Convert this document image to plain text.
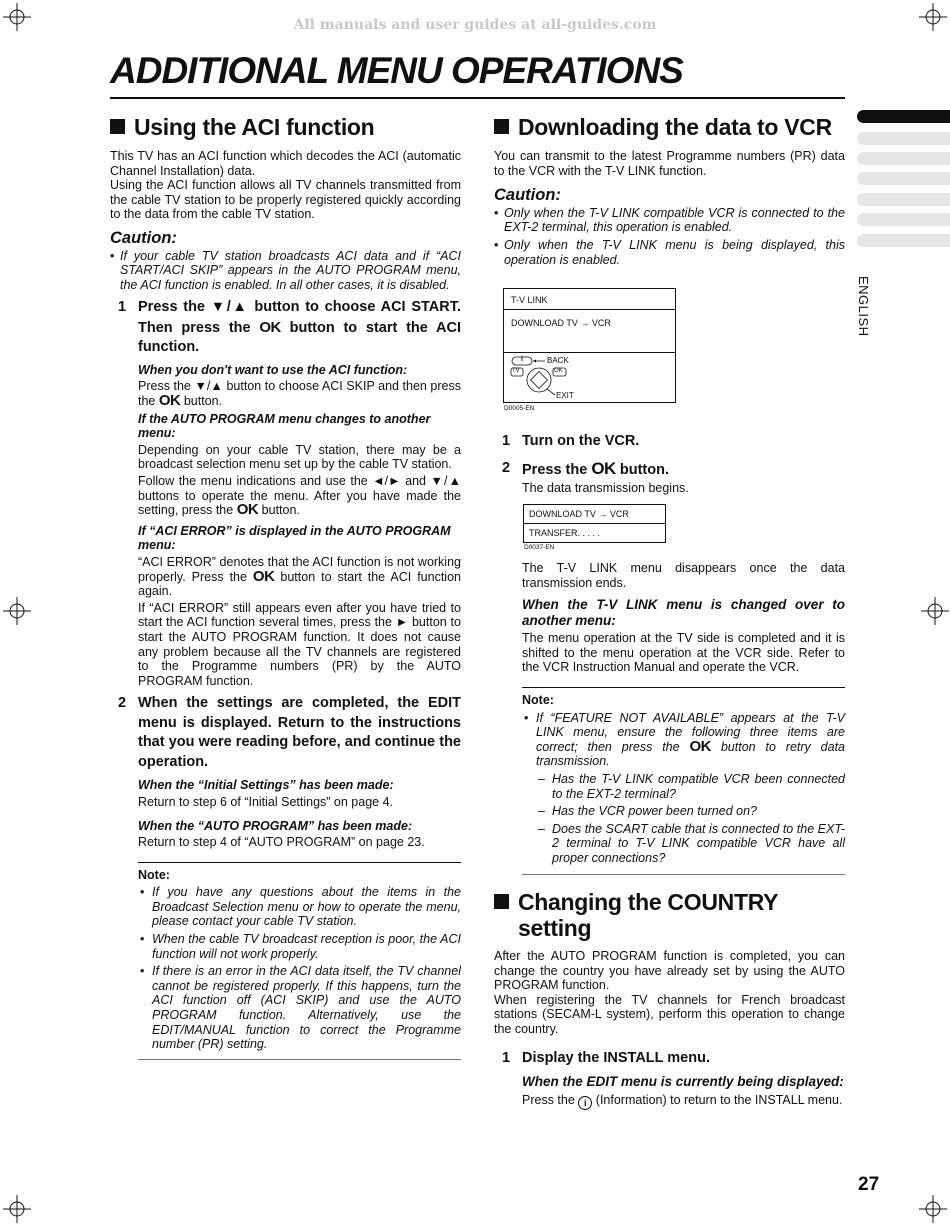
All manuals and user guides at all-guides.com
ADDITIONAL MENU OPERATIONS
ENGLISH
Using the ACI function

This TV has an ACI function which decodes the ACI (automatic Channel Installation) data.

Using the ACI function allows all TV channels transmitted from the cable TV station to be properly registered quickly according to the data from the cable TV station.

Caution:
• If your cable TV station broadcasts ACI data and if “ACI START/ACI SKIP” appears in the AUTO PROGRAM menu, the ACI function is enabled. In all other cases, it is disabled.
1 Press the ▼/▲ button to choose ACI START. Then press the OK button to start the ACI function.
When you don't want to use the ACI function:

Press the ▼/▲ button to choose ACI SKIP and then press the OK button.

If the AUTO PROGRAM menu changes to another menu:

Depending on your cable TV station, there may be a broadcast selection menu set up by the cable TV station.

Follow the menu indications and use the ◄/► and ▼/▲ buttons to operate the menu. After you have made the setting, press the OK button.

If “ACI ERROR” is displayed in the AUTO PROGRAM menu:

“ACI ERROR” denotes that the ACI function is not working properly. Press the OK button to start the ACI function again.

If “ACI ERROR” still appears even after you have tried to start the ACI function several times, press the ► button to start the AUTO PROGRAM function. It does not cause any problem because all the TV channels are registered to the Programme numbers (PR) by the AUTO PROGRAM function.

2 When the settings are completed, the EDIT menu is displayed. Return to the instructions that you were reading before, and continue the operation.
When the “Initial Settings” has been made:

Return to step 6 of “Initial Settings” on page 4.

When the “AUTO PROGRAM” has been made:

Return to step 4 of “AUTO PROGRAM” on page 23.

Note:
• If you have any questions about the items in the Broadcast Selection menu or how to operate the menu, please contact your cable TV station.
• When the cable TV broadcast reception is poor, the ACI function will not work properly.
• If there is an error in the ACI data itself, the TV channel cannot be registered properly. If this happens, turn the ACI function off (ACI SKIP) and use the AUTO PROGRAM function. Alternatively, use the EDIT/MANUAL function to correct the Programme number (PR) setting.
Downloading the data to VCR

You can transmit to the latest Programme numbers (PR) data to the VCR with the T-V LINK function.

Caution:
• Only when the T-V LINK compatible VCR is connected to the EXT-2 terminal, this operation is enabled.
• Only when the T-V LINK menu is being displayed, this operation is enabled.
T-V LINK
DOWNLOAD TV → VCR
i	BACK
TV	OK
EXIT
D0005-EN
1 Turn on the VCR.
2 Press the OK button.

The data transmission begins.

DOWNLOAD TV → VCR
TRANSFER. . . . .
D0037-EN

The T-V LINK menu disappears once the data transmission ends.

When the T-V LINK menu is changed over to another menu:

The menu operation at the TV side is completed and it is shifted to the menu operation at the VCR side. Refer to the VCR Instruction Manual and operate the VCR.

Note:
• If “FEATURE NOT AVAILABLE” appears at the T-V LINK menu, ensure the following three items are correct; then press the OK button to retry data transmission.
– Has the T-V LINK compatible VCR been connected to the EXT-2 terminal?
– Has the VCR power been turned on?
– Does the SCART cable that is connected to the EXT-2 terminal to T-V LINK compatible VCR have all proper connections?
Changing the COUNTRY setting

After the AUTO PROGRAM function is completed, you can change the country you have already set by using the AUTO PROGRAM function.

When registering the TV channels for French broadcast stations (SECAM-L system), perform this operation to change the country.

1 Display the INSTALL menu.
When the EDIT menu is currently being displayed:

Press the i (Information) to return to the INSTALL menu.

27
